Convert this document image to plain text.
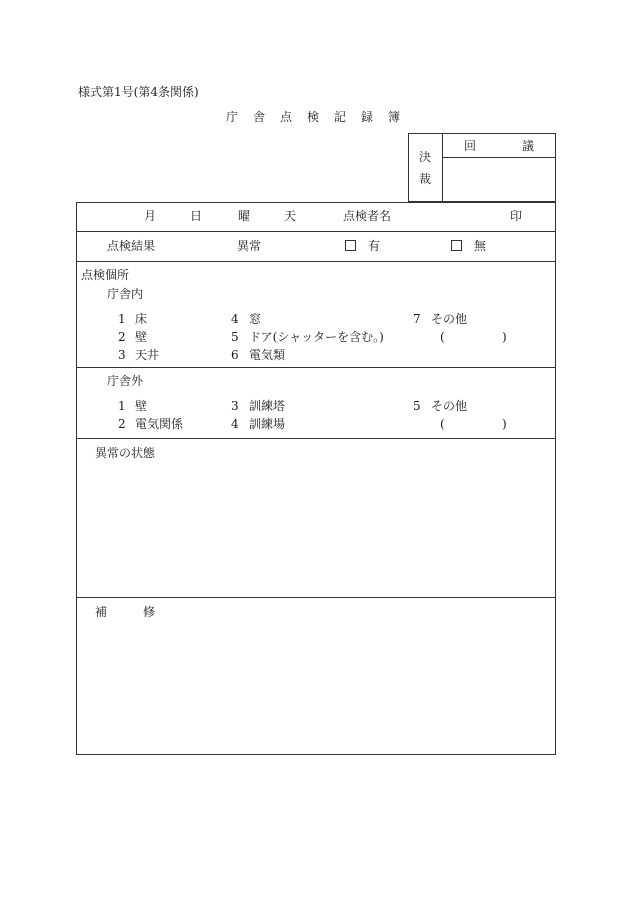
様式第1号(第4条関係)
庁 舎 点 検 記 録 簿
決
裁
回	議
月	日	曜	天	点検者名	印
点検結果	異常	有	無
点検個所
庁舎内
1 床
2 壁
3 天井
4 窓
5 ドア(シャッターを含む。)
6 電気類
7 その他
(	)
庁舎外
1 壁
2 電気関係
3 訓練塔
4 訓練場
5 その他
(	)
異常の状態
補	修
